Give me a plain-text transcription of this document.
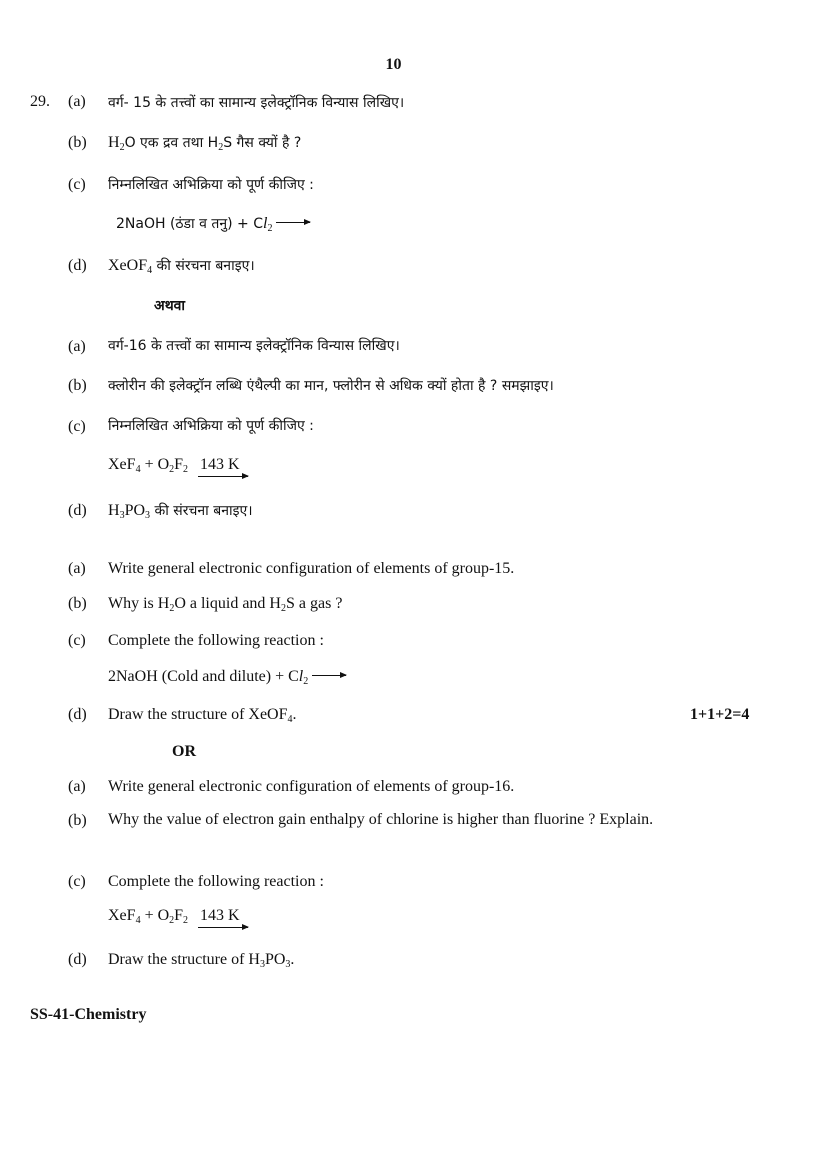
10
29. (a) वर्ग- 15 के तत्त्वों का सामान्य इलेक्ट्रॉनिक विन्यास लिखिए।
(b) $H_2O$ एक द्रव तथा $H_2S$ गैस क्यों है ?
(c) निम्नलिखित अभिक्रिया को पूर्ण कीजिए :
2NaOH (ठंडा व तनु) + $Cl_2$
(d) XeOF$_4$ की संरचना बनाइए।
अथवा
(a) वर्ग-16 के तत्त्वों का सामान्य इलेक्ट्रॉनिक विन्यास लिखिए।
(b) क्लोरीन की इलेक्ट्रॉन लब्धि एंथैल्पी का मान, फ्लोरीन से अधिक क्यों होता है ? समझाइए।
(c) निम्नलिखित अभिक्रिया को पूर्ण कीजिए :
$XeF_4 + O_2F_2$ 143 K
(d) $H_3PO_3$ की संरचना बनाइए।
(a) Write general electronic configuration of elements of group-15.
(b) Why is $H_2O$ a liquid and $H_2S$ a gas ?
(c) Complete the following reaction :
2NaOH (Cold and dilute) + $Cl_2$
(d) Draw the structure of XeOF$_4$.	1+1+2=4
OR
(a) Write general electronic configuration of elements of group-16.
(b) Why the value of electron gain enthalpy of chlorine is higher than fluorine ? Explain.
(c) Complete the following reaction :
$XeF_4 + O_2F_2$ 143 K
(d) Draw the structure of $H_3PO_3$.
SS-41-Chemistry
